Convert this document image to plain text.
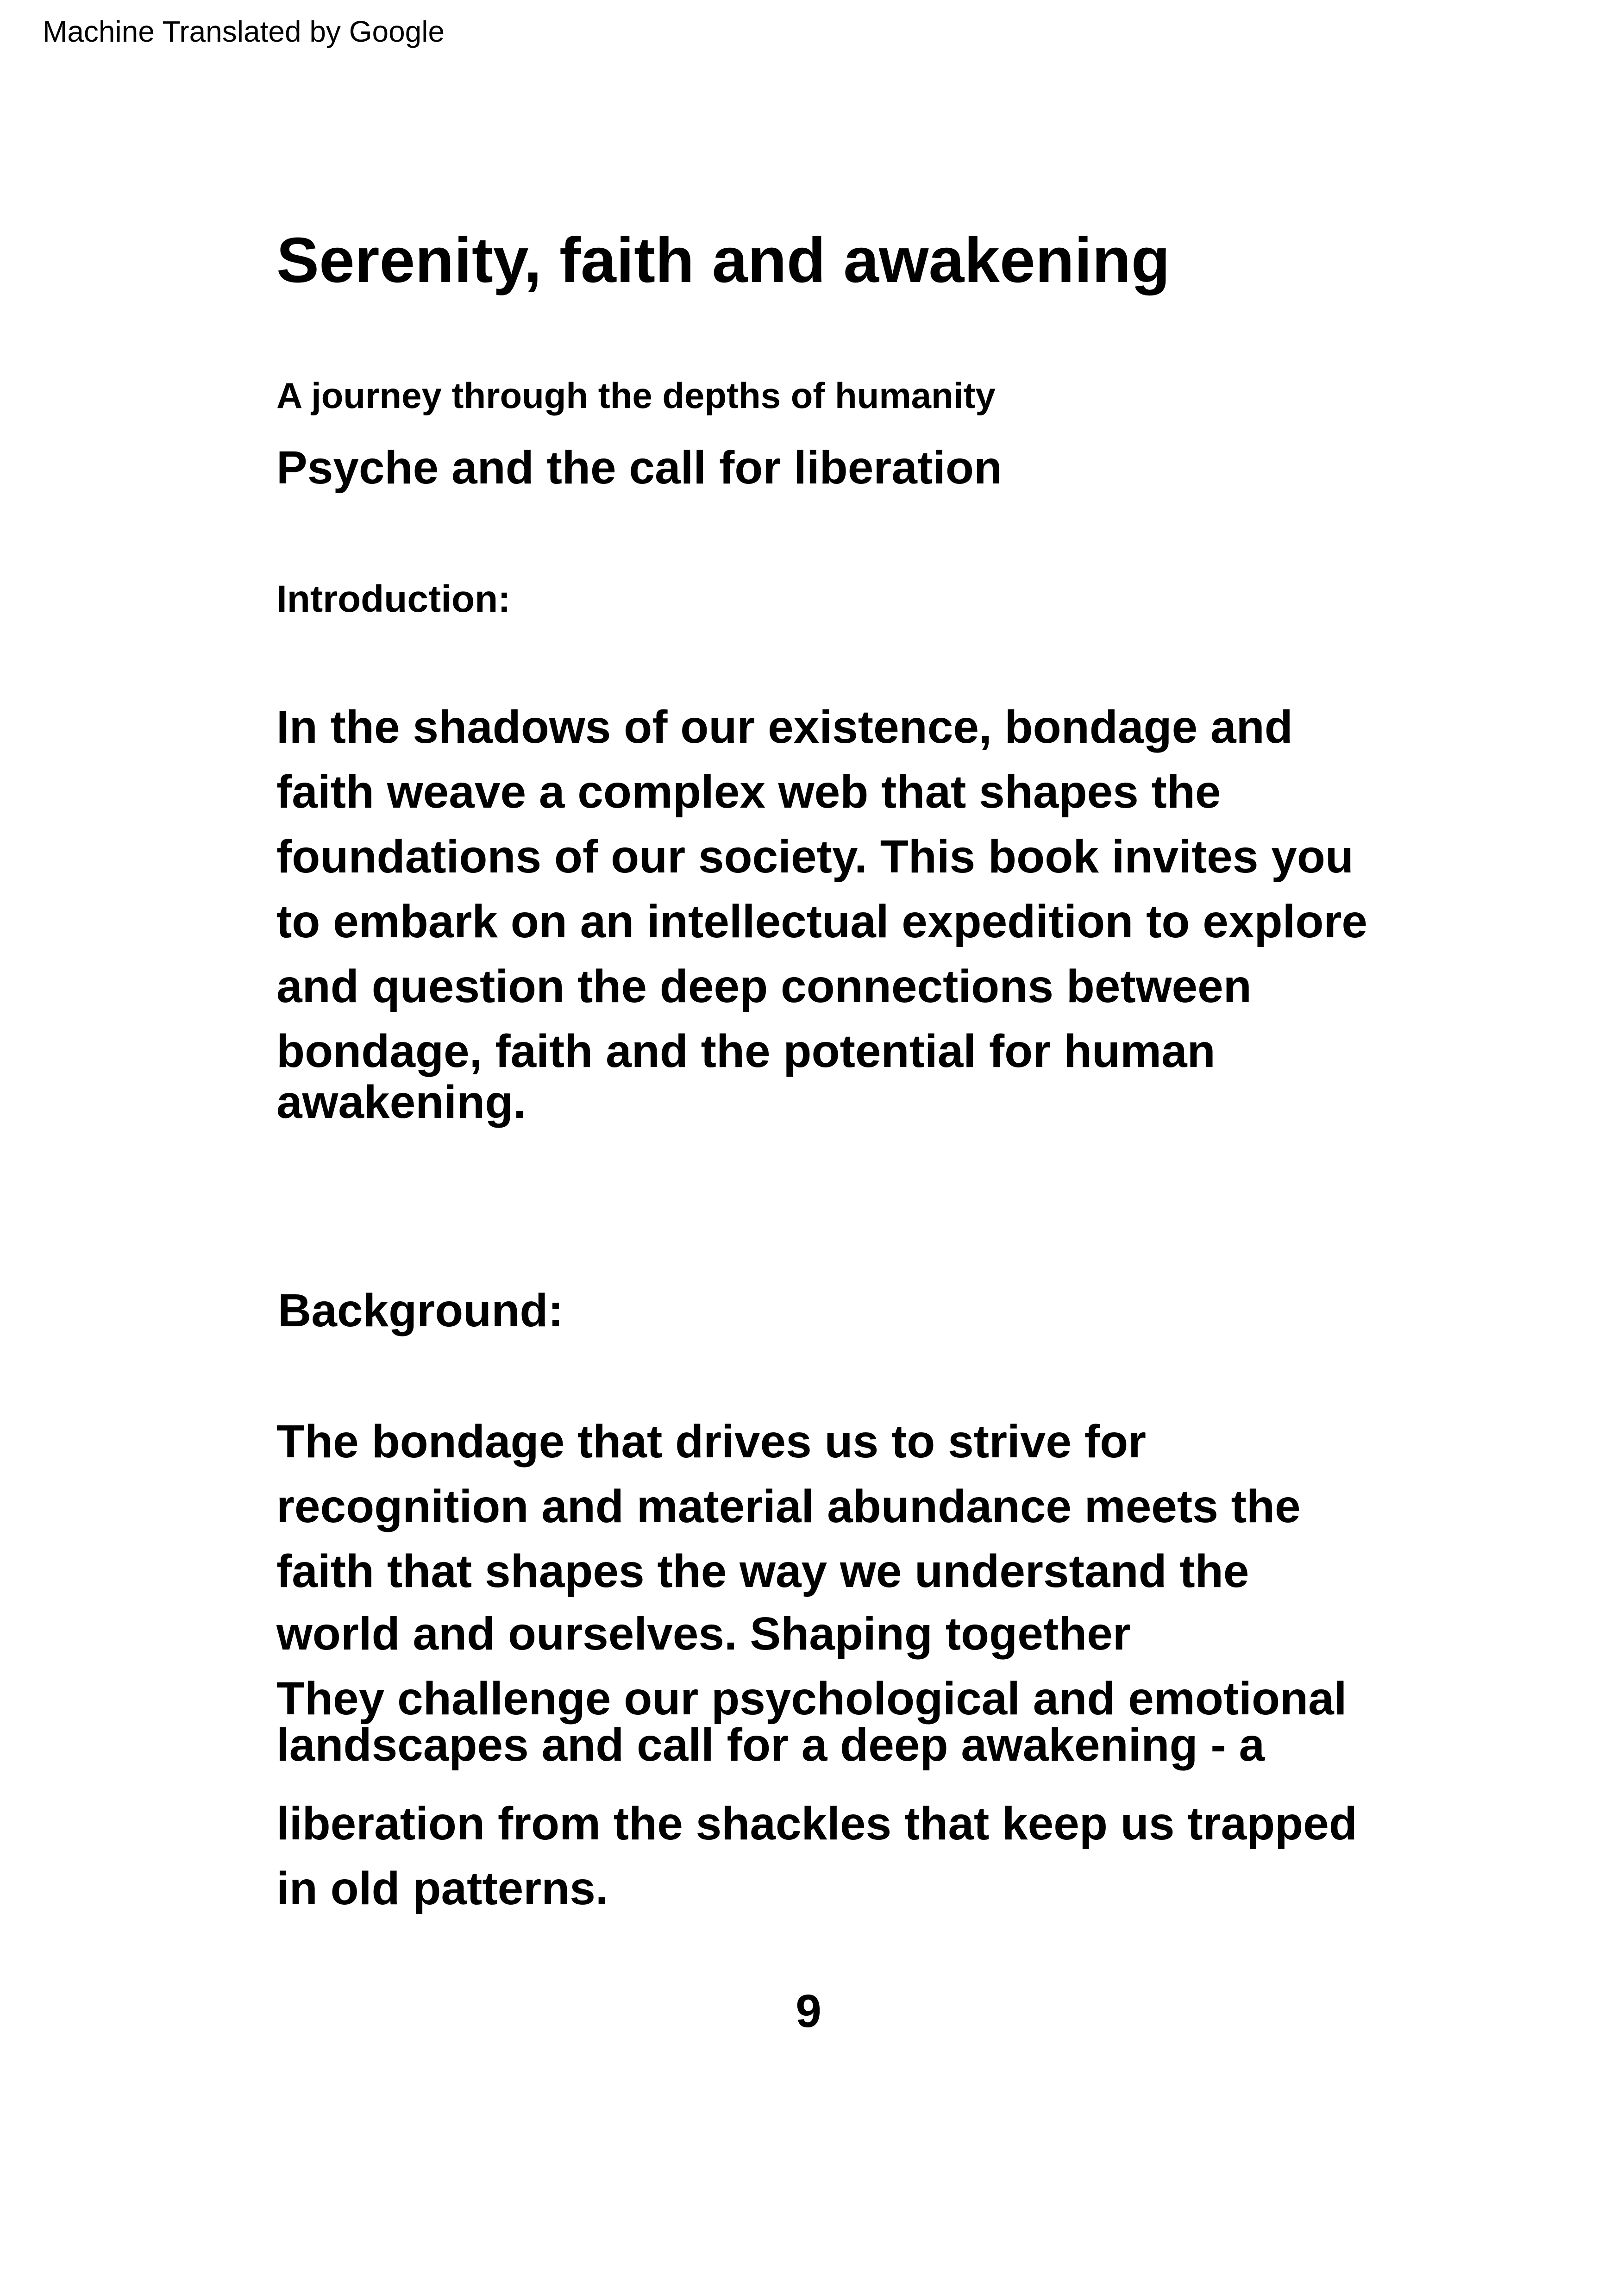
Machine Translated by Google
Serenity, faith and awakening
A journey through the depths of humanity
Psyche and the call for liberation
Introduction:
In the shadows of our existence, bondage and
faith weave a complex web that shapes the
foundations of our society. This book invites you
to embark on an intellectual expedition to explore
and question the deep connections between
bondage, faith and the potential for human
awakening.
Background:
The bondage that drives us to strive for
recognition and material abundance meets the
faith that shapes the way we understand the
world and ourselves. Shaping together
They challenge our psychological and emotional
landscapes and call for a deep awakening - a
liberation from the shackles that keep us trapped
in old patterns.
9
